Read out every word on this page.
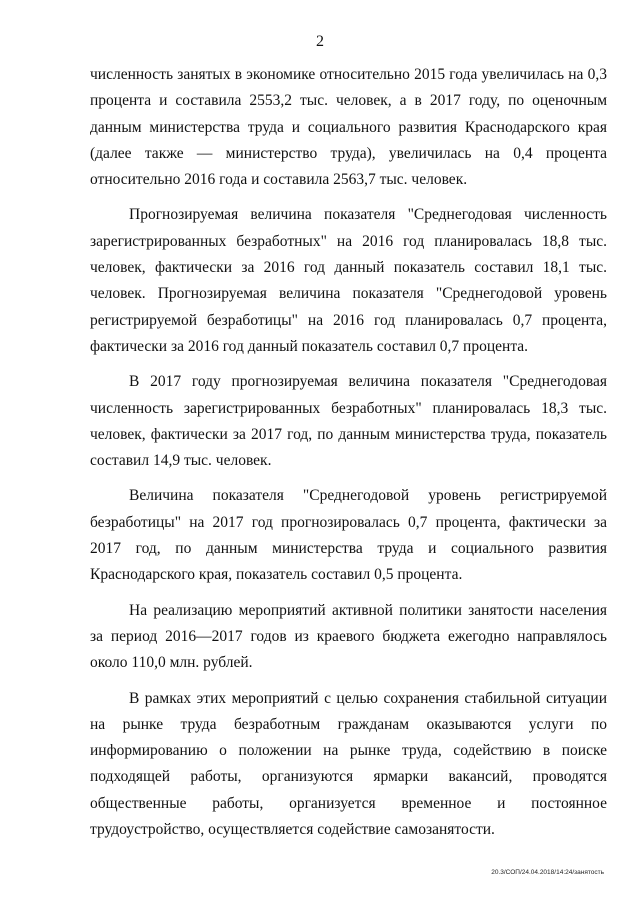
2

численность занятых в экономике относительно 2015 года увеличилась на 0,3 процента и составила 2553,2 тыс. человек, а в 2017 году, по оценочным данным министерства труда и социального развития Краснодарского края (далее также — министерство труда), увеличилась на 0,4 процента относительно 2016 года и составила 2563,7 тыс. человек.

Прогнозируемая величина показателя "Среднегодовая численность зарегистрированных безработных" на 2016 год планировалась 18,8 тыс. человек, фактически за 2016 год данный показатель составил 18,1 тыс. человек. Прогнозируемая величина показателя "Среднегодовой уровень регистрируемой безработицы" на 2016 год планировалась 0,7 процента, фактически за 2016 год данный показатель составил 0,7 процента.

В 2017 году прогнозируемая величина показателя "Среднегодовая численность зарегистрированных безработных" планировалась 18,3 тыс. человек, фактически за 2017 год, по данным министерства труда, показатель составил 14,9 тыс. человек.

Величина показателя "Среднегодовой уровень регистрируемой безработицы" на 2017 год прогнозировалась 0,7 процента, фактически за 2017 год, по данным министерства труда и социального развития Краснодарского края, показатель составил 0,5 процента.

На реализацию мероприятий активной политики занятости населения за период 2016—2017 годов из краевого бюджета ежегодно направлялось около 110,0 млн. рублей.

В рамках этих мероприятий с целью сохранения стабильной ситуации на рынке труда безработным гражданам оказываются услуги по информированию о положении на рынке труда, содействию в поиске подходящей работы, организуются ярмарки вакансий, проводятся общественные работы, организуется временное и постоянное трудоустройство, осуществляется содействие самозанятости.

20.3/СОП/24.04.2018/14:24/занятость
